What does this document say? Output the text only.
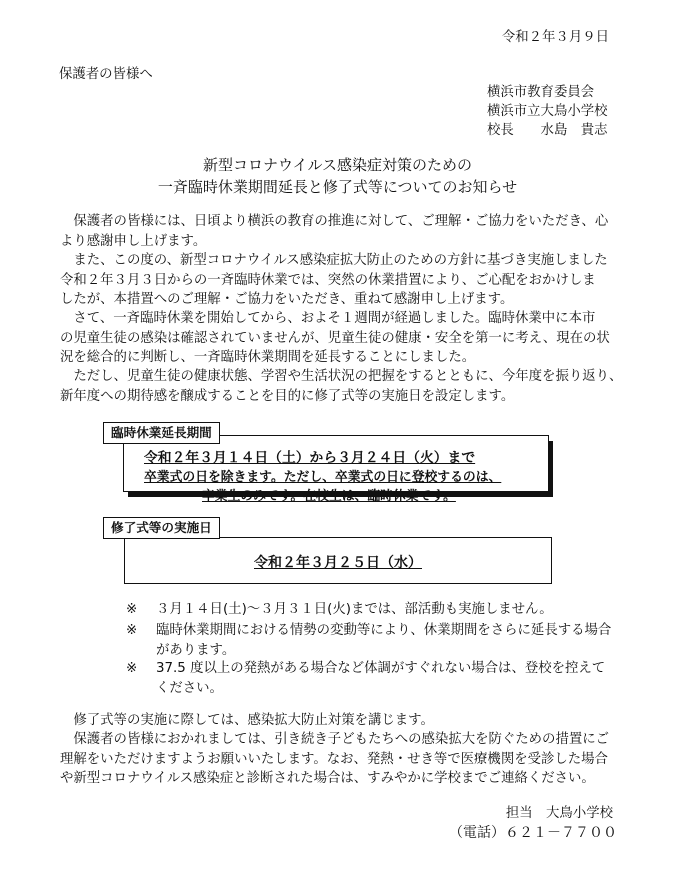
令和２年３月９日
保護者の皆様へ
横浜市教育委員会
横浜市立大鳥小学校
校長　　水島　貴志
新型コロナウイルス感染症対策のための
一斉臨時休業期間延長と修了式等についてのお知らせ
　保護者の皆様には、日頃より横浜の教育の推進に対して、ご理解・ご協力をいただき、心
より感謝申し上げます。
　また、この度の、新型コロナウイルス感染症拡大防止のための方針に基づき実施しました
令和２年３月３日からの一斉臨時休業では、突然の休業措置により、ご心配をおかけしま
したが、本措置へのご理解・ご協力をいただき、重ねて感謝申し上げます。
　さて、一斉臨時休業を開始してから、およそ１週間が経過しました。臨時休業中に本市
の児童生徒の感染は確認されていませんが、児童生徒の健康・安全を第一に考え、現在の状
況を総合的に判断し、一斉臨時休業期間を延長することにしました。
　ただし、児童生徒の健康状態、学習や生活状況の把握をするとともに、今年度を振り返り、
新年度への期待感を醸成することを目的に修了式等の実施日を設定します。
令和２年３月１４日（土）から３月２４日（火）まで
卒業式の日を除きます。ただし、卒業式の日に登校するのは、
卒業生のみです。在校生は、臨時休業です。
臨時休業延長期間
令和２年３月２５日（水）
修了式等の実施日
※ ３月１４日(土)～３月３１日(火)までは、部活動も実施しません。
※ 臨時休業期間における情勢の変動等により、休業期間をさらに延長する場合
があります。
※ 37.5 度以上の発熱がある場合など体調がすぐれない場合は、登校を控えて
ください。
　修了式等の実施に際しては、感染拡大防止対策を講じます。
　保護者の皆様におかれましては、引き続き子どもたちへの感染拡大を防ぐための措置にご
理解をいただけますようお願いいたします。なお、発熱・せき等で医療機関を受診した場合
や新型コロナウイルス感染症と診断された場合は、すみやかに学校までご連絡ください。
担当　大鳥小学校
（電話）６２１－７７００
